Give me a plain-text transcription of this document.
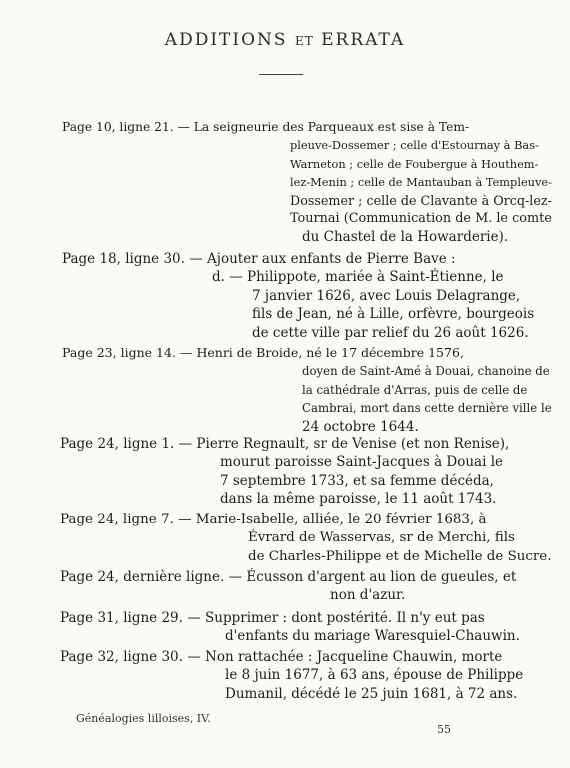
ADDITIONS ET ERRATA
Page 10, ligne 21. — La seigneurie des Parqueaux est sise à Tem-
pleuve-Dossemer ; celle d'Estournay à Bas-
Warneton ; celle de Foubergue à Houthem-
lez-Menin ; celle de Mantauban à Templeuve-
Dossemer ; celle de Clavante à Orcq-lez-
Tournai (Communication de M. le comte
du Chastel de la Howarderie).
Page 18, ligne 30. — Ajouter aux enfants de Pierre Bave :
d. — Philippote, mariée à Saint-Étienne, le
7 janvier 1626, avec Louis Delagrange,
fils de Jean, né à Lille, orfèvre, bourgeois
de cette ville par relief du 26 août 1626.
Page 23, ligne 14. — Henri de Broide, né le 17 décembre 1576,
doyen de Saint-Amé à Douai, chanoine de
la cathédrale d'Arras, puis de celle de
Cambrai, mort dans cette dernière ville le
24 octobre 1644.
Page 24, ligne 1. — Pierre Regnault, sr de Venise (et non Renise),
mourut paroisse Saint-Jacques à Douai le
7 septembre 1733, et sa femme décéda,
dans la même paroisse, le 11 août 1743.
Page 24, ligne 7. — Marie-Isabelle, alliée, le 20 février 1683, à
Évrard de Wasservas, sr de Merchi, fils
de Charles-Philippe et de Michelle de Sucre.
Page 24, dernière ligne. — Écusson d'argent au lion de gueules, et
non d'azur.
Page 31, ligne 29. — Supprimer : dont postérité. Il n'y eut pas
d'enfants du mariage Waresquiel-Chauwin.
Page 32, ligne 30. — Non rattachée : Jacqueline Chauwin, morte
le 8 juin 1677, à 63 ans, épouse de Philippe
Dumanil, décédé le 25 juin 1681, à 72 ans.
Généalogies lilloises, IV.
55
